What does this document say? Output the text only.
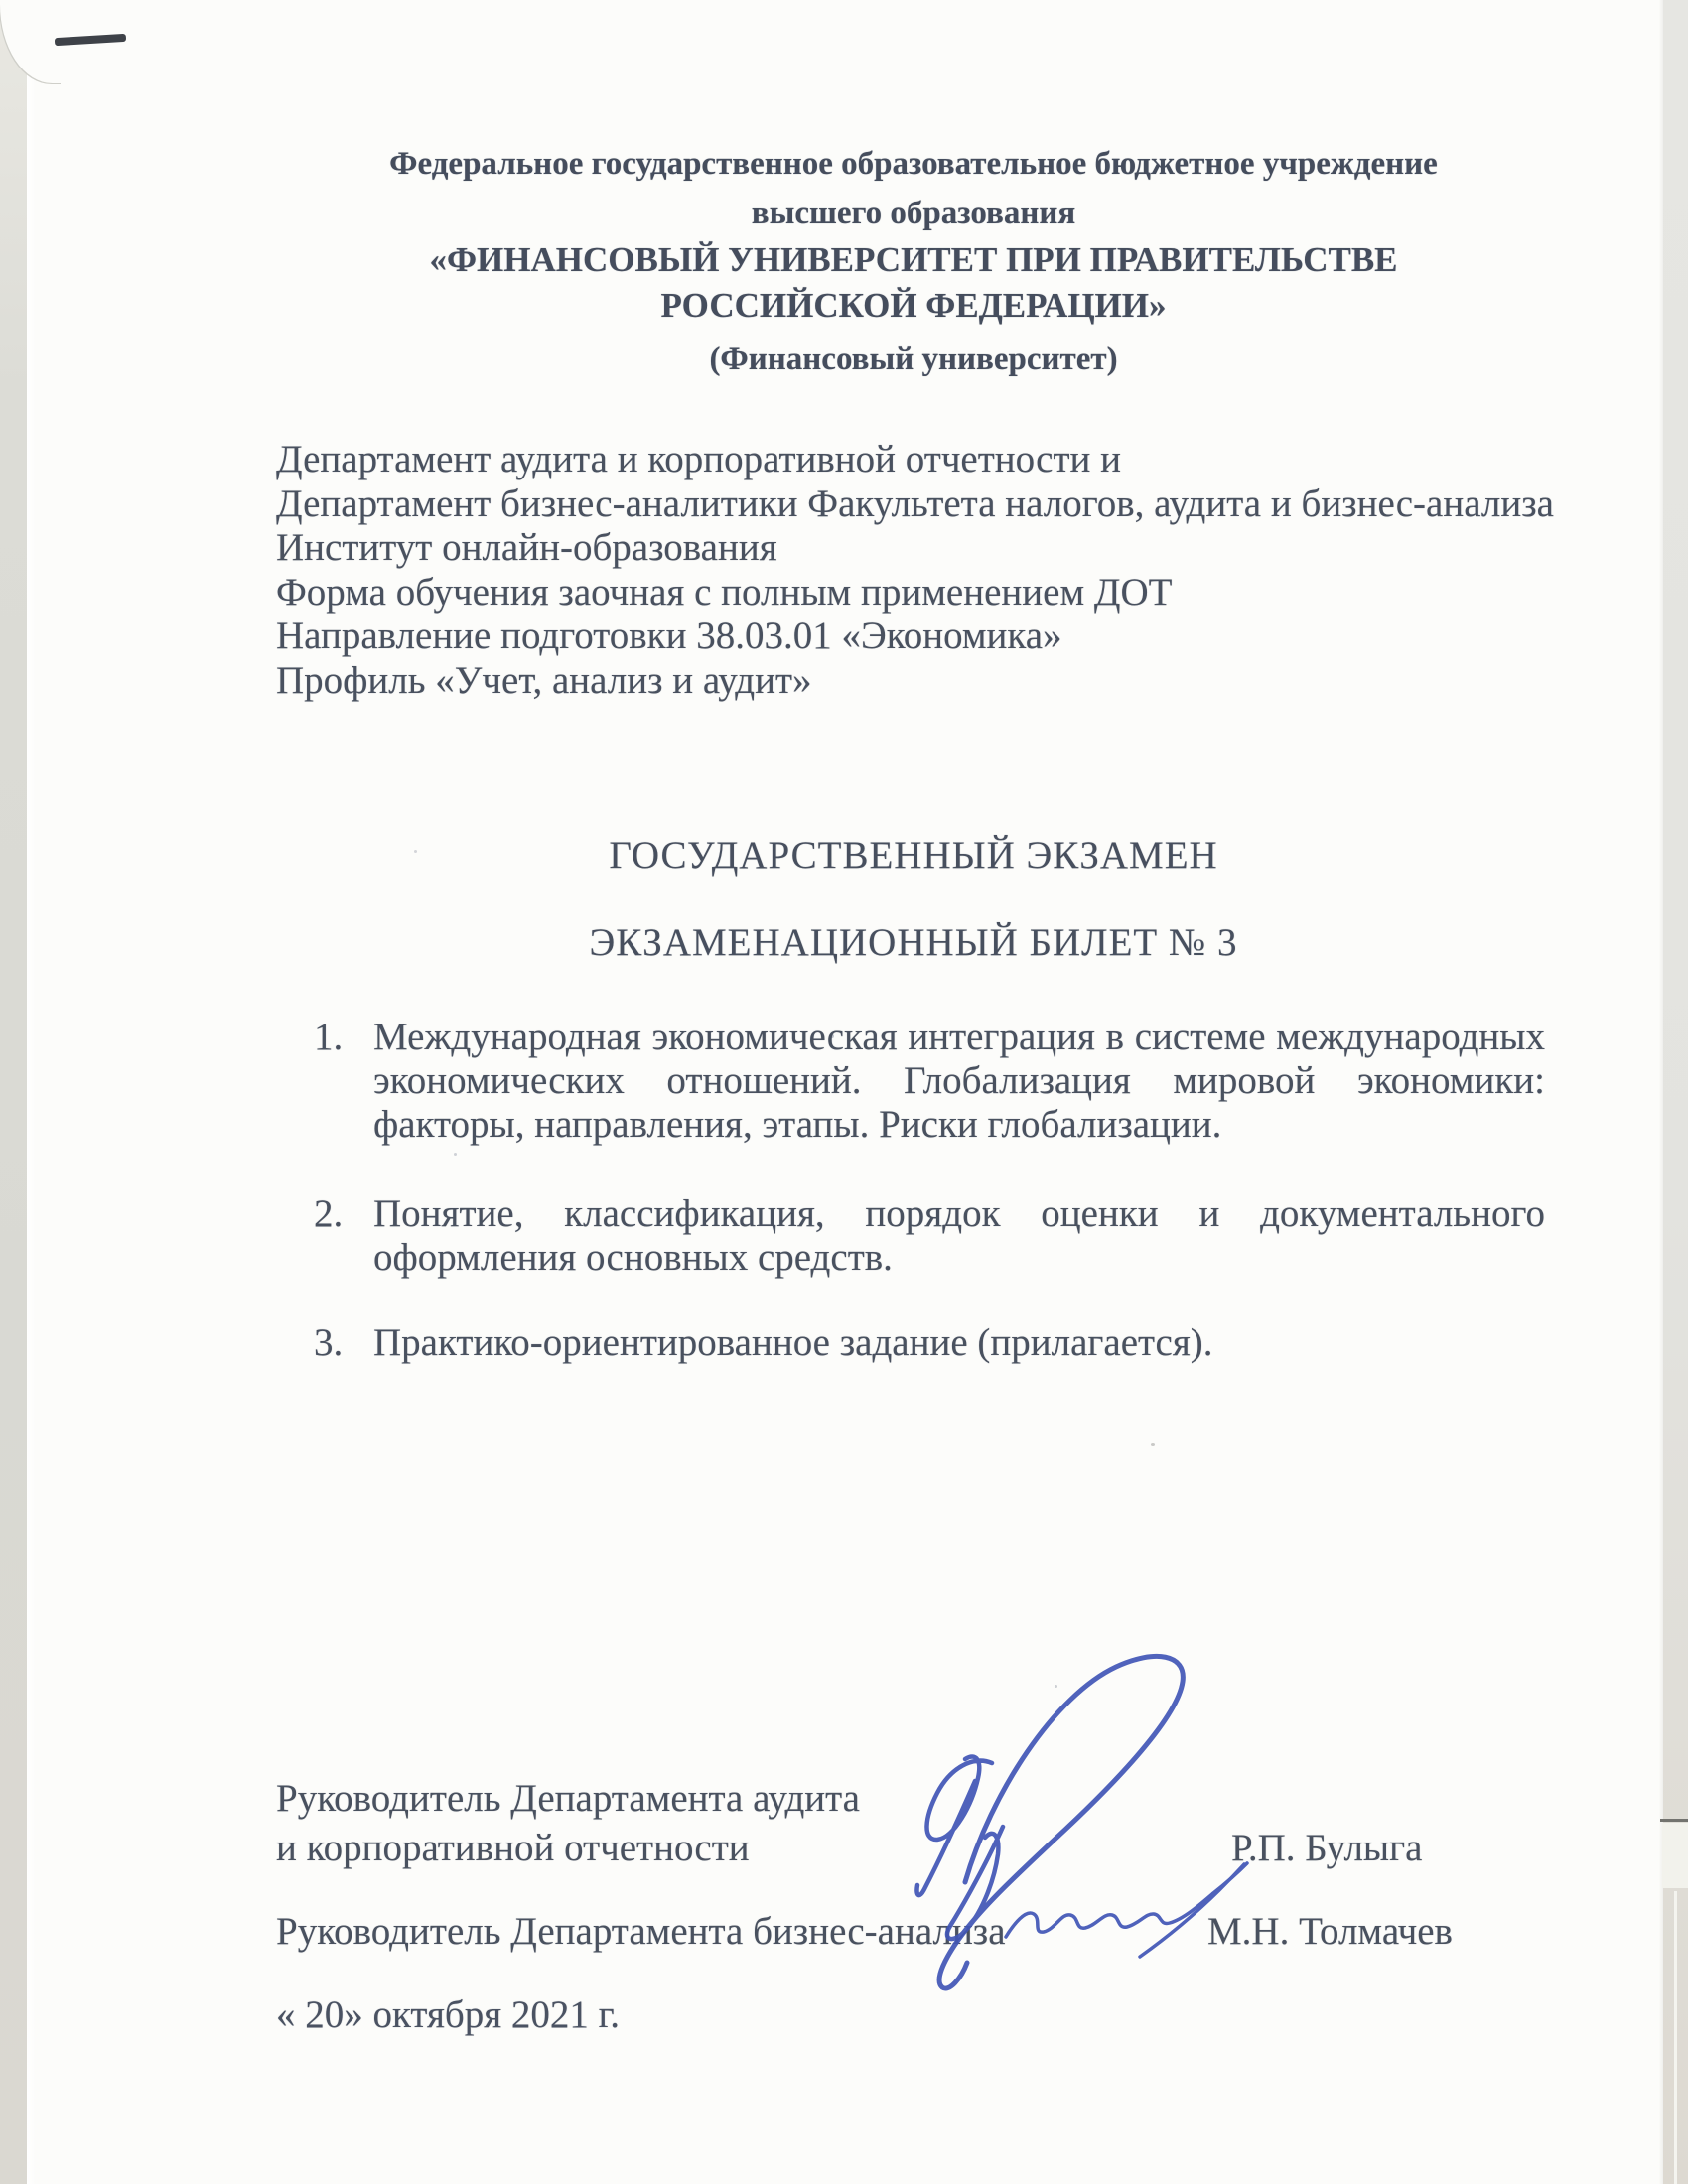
Федеральное государственное образовательное бюджетное учреждение
высшего образования
«ФИНАНСОВЫЙ УНИВЕРСИТЕТ ПРИ ПРАВИТЕЛЬСТВЕ
РОССИЙСКОЙ ФЕДЕРАЦИИ»
(Финансовый университет)
Департамент аудита и корпоративной отчетности и
Департамент бизнес-аналитики Факультета налогов, аудита и бизнес-анализа
Институт онлайн-образования
Форма обучения заочная с полным применением ДОТ
Направление подготовки 38.03.01 «Экономика»
Профиль «Учет, анализ и аудит»
ГОСУДАРСТВЕННЫЙ ЭКЗАМЕН
ЭКЗАМЕНАЦИОННЫЙ БИЛЕТ № 3
1. Международная экономическая интеграция в системе международных экономических отношений. Глобализация мировой экономики: факторы, направления, этапы. Риски глобализации.
2. Понятие, классификация, порядок оценки и документального оформления основных средств.
3. Практико-ориентированное задание (прилагается).
Руководитель Департамента аудита
и корпоративной отчетности	Р.П. Булыга
Руководитель Департамента бизнес-анализа	М.Н. Толмачев
« 20» октября 2021 г.
